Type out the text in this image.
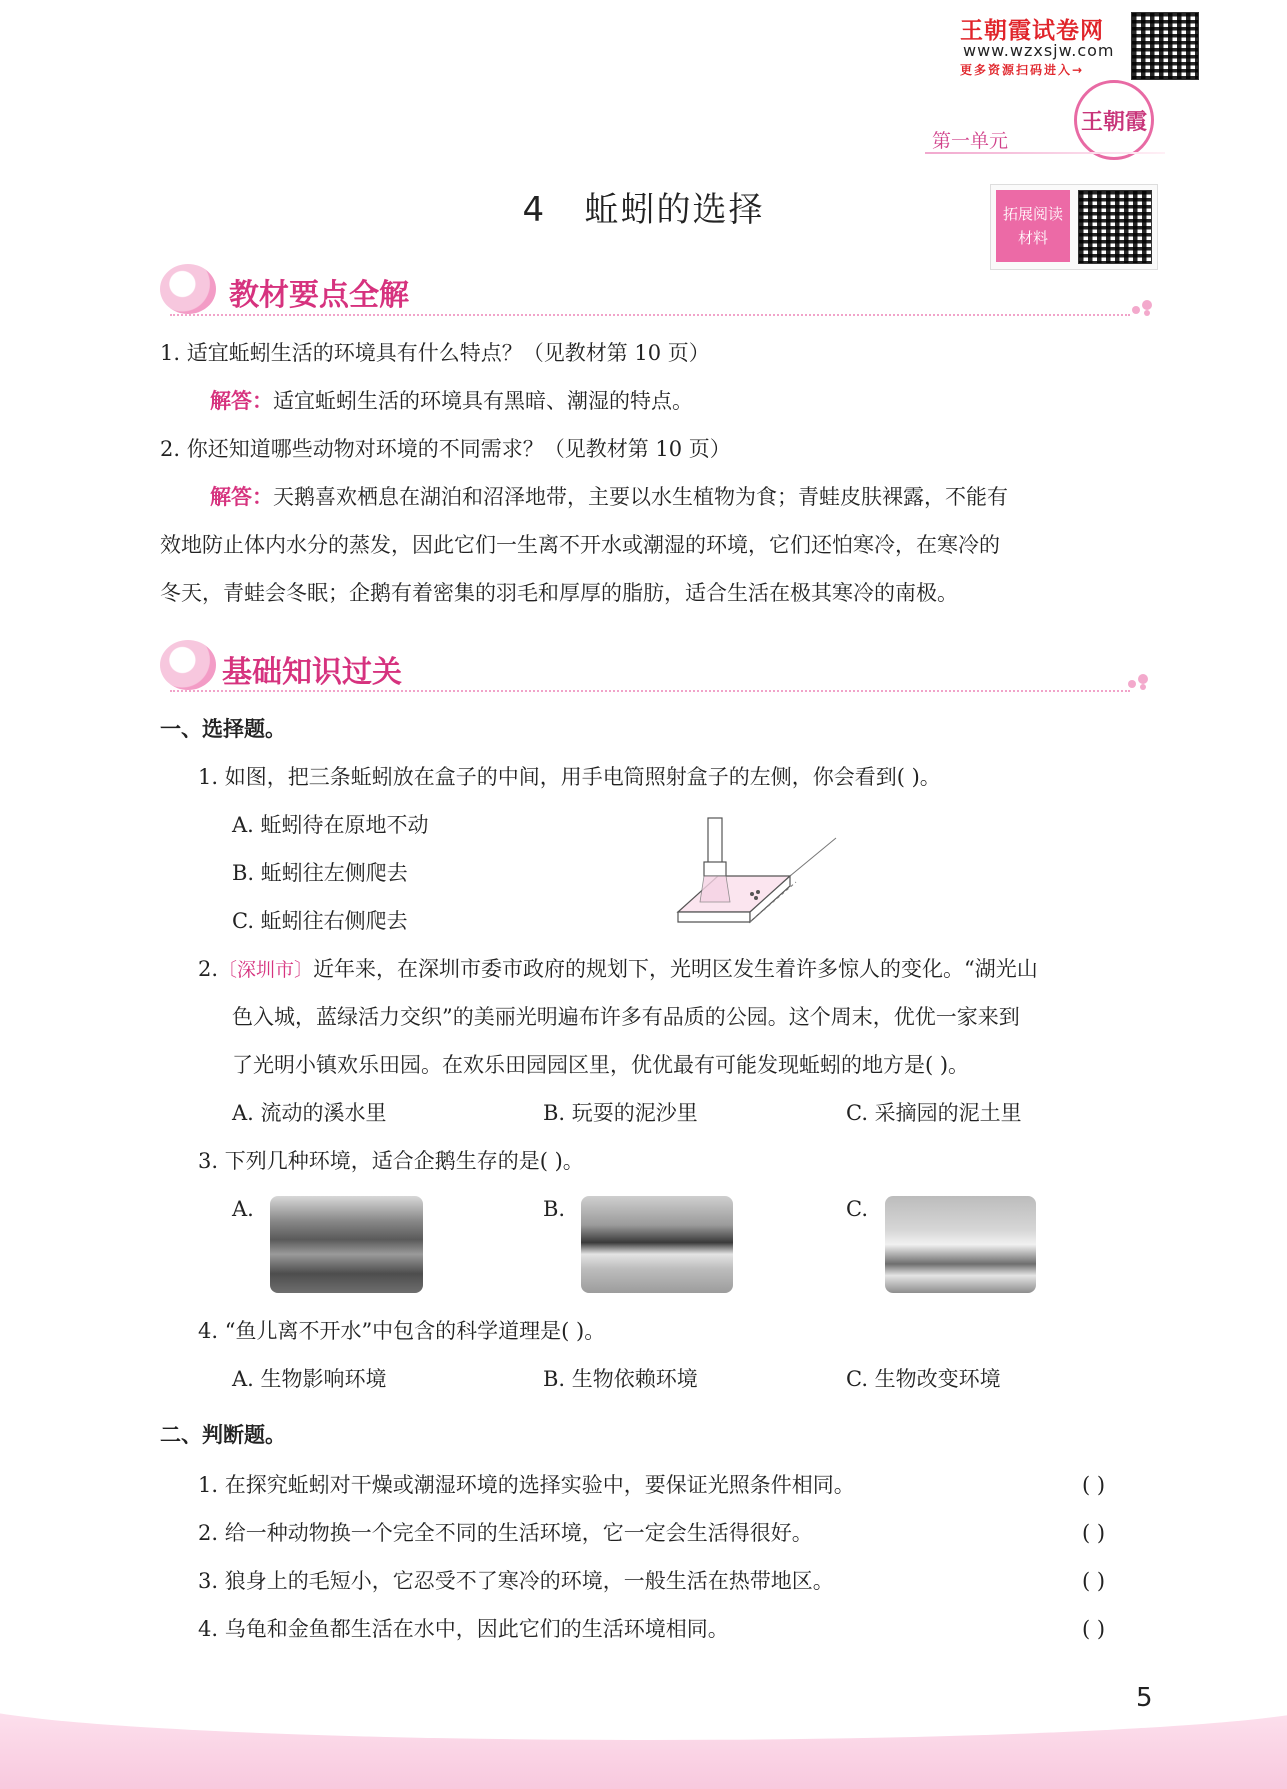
王朝霞试卷网
www.wzxsjw.com
更多资源扫码进入→
王朝霞
第一单元
4   蚯蚓的选择	拓展阅读
材料
教材要点全解
1. 适宜蚯蚓生活的环境具有什么特点？（见教材第 10 页）
解答：适宜蚯蚓生活的环境具有黑暗、潮湿的特点。
2. 你还知道哪些动物对环境的不同需求？（见教材第 10 页）
解答：天鹅喜欢栖息在湖泊和沼泽地带，主要以水生植物为食；青蛙皮肤裸露，不能有
效地防止体内水分的蒸发，因此它们一生离不开水或潮湿的环境，它们还怕寒冷，在寒冷的
冬天，青蛙会冬眠；企鹅有着密集的羽毛和厚厚的脂肪，适合生活在极其寒冷的南极。
基础知识过关
一、选择题。
1. 如图，把三条蚯蚓放在盒子的中间，用手电筒照射盒子的左侧，你会看到( )。
A. 蚯蚓待在原地不动
B. 蚯蚓往左侧爬去
C. 蚯蚓往右侧爬去
2.〔深圳市〕近年来，在深圳市委市政府的规划下，光明区发生着许多惊人的变化。“湖光山
色入城，蓝绿活力交织”的美丽光明遍布许多有品质的公园。这个周末，优优一家来到
了光明小镇欢乐田园。在欢乐田园园区里，优优最有可能发现蚯蚓的地方是( )。
A. 流动的溪水里	B. 玩耍的泥沙里	C. 采摘园的泥土里
3. 下列几种环境，适合企鹅生存的是( )。
A.	B.	C.
4. “鱼儿离不开水”中包含的科学道理是( )。
A. 生物影响环境	B. 生物依赖环境	C. 生物改变环境
二、判断题。
1. 在探究蚯蚓对干燥或潮湿环境的选择实验中，要保证光照条件相同。	( )
2. 给一种动物换一个完全不同的生活环境，它一定会生活得很好。	( )
3. 狼身上的毛短小，它忍受不了寒冷的环境，一般生活在热带地区。	( )
4. 乌龟和金鱼都生活在水中，因此它们的生活环境相同。	( )
5
